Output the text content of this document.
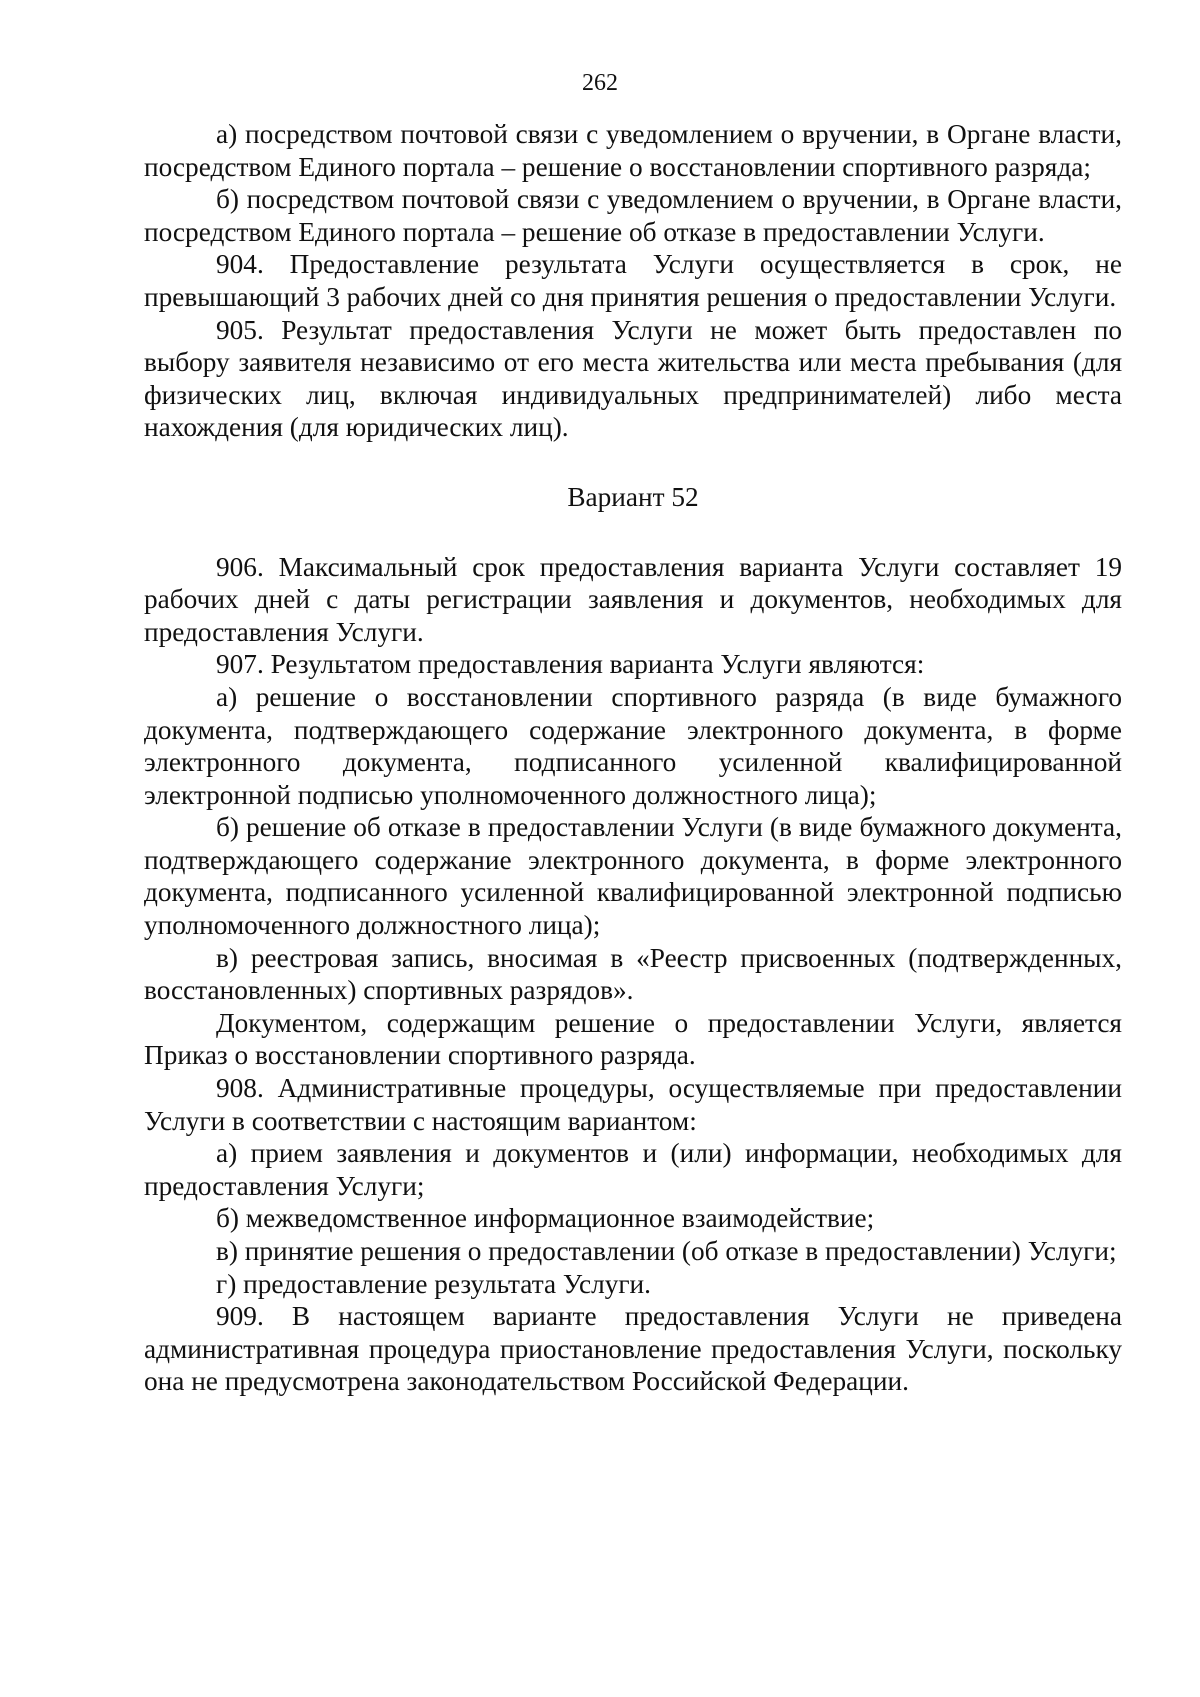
262

а) посредством почтовой связи с уведомлением о вручении, в Органе власти, посредством Единого портала – решение о восстановлении спортивного разряда;

б) посредством почтовой связи с уведомлением о вручении, в Органе власти, посредством Единого портала – решение об отказе в предоставлении Услуги.

904. Предоставление результата Услуги осуществляется в срок, не превышающий 3 рабочих дней со дня принятия решения о предоставлении Услуги.

905. Результат предоставления Услуги не может быть предоставлен по выбору заявителя независимо от его места жительства или места пребывания (для физических лиц, включая индивидуальных предпринимателей) либо места нахождения (для юридических лиц).

Вариант 52

906. Максимальный срок предоставления варианта Услуги составляет 19 рабочих дней с даты регистрации заявления и документов, необходимых для предоставления Услуги.

907. Результатом предоставления варианта Услуги являются:

а) решение о восстановлении спортивного разряда (в виде бумажного документа, подтверждающего содержание электронного документа, в форме электронного документа, подписанного усиленной квалифицированной электронной подписью уполномоченного должностного лица);

б) решение об отказе в предоставлении Услуги (в виде бумажного документа, подтверждающего содержание электронного документа, в форме электронного документа, подписанного усиленной квалифицированной электронной подписью уполномоченного должностного лица);

в) реестровая запись, вносимая в «Реестр присвоенных (подтвержденных, восстановленных) спортивных разрядов».

Документом, содержащим решение о предоставлении Услуги, является Приказ о восстановлении спортивного разряда.

908. Административные процедуры, осуществляемые при предоставлении Услуги в соответствии с настоящим вариантом:

а) прием заявления и документов и (или) информации, необходимых для предоставления Услуги;

б) межведомственное информационное взаимодействие;

в) принятие решения о предоставлении (об отказе в предоставлении) Услуги;

г) предоставление результата Услуги.

909. В настоящем варианте предоставления Услуги не приведена административная процедура приостановление предоставления Услуги, поскольку она не предусмотрена законодательством Российской Федерации.
